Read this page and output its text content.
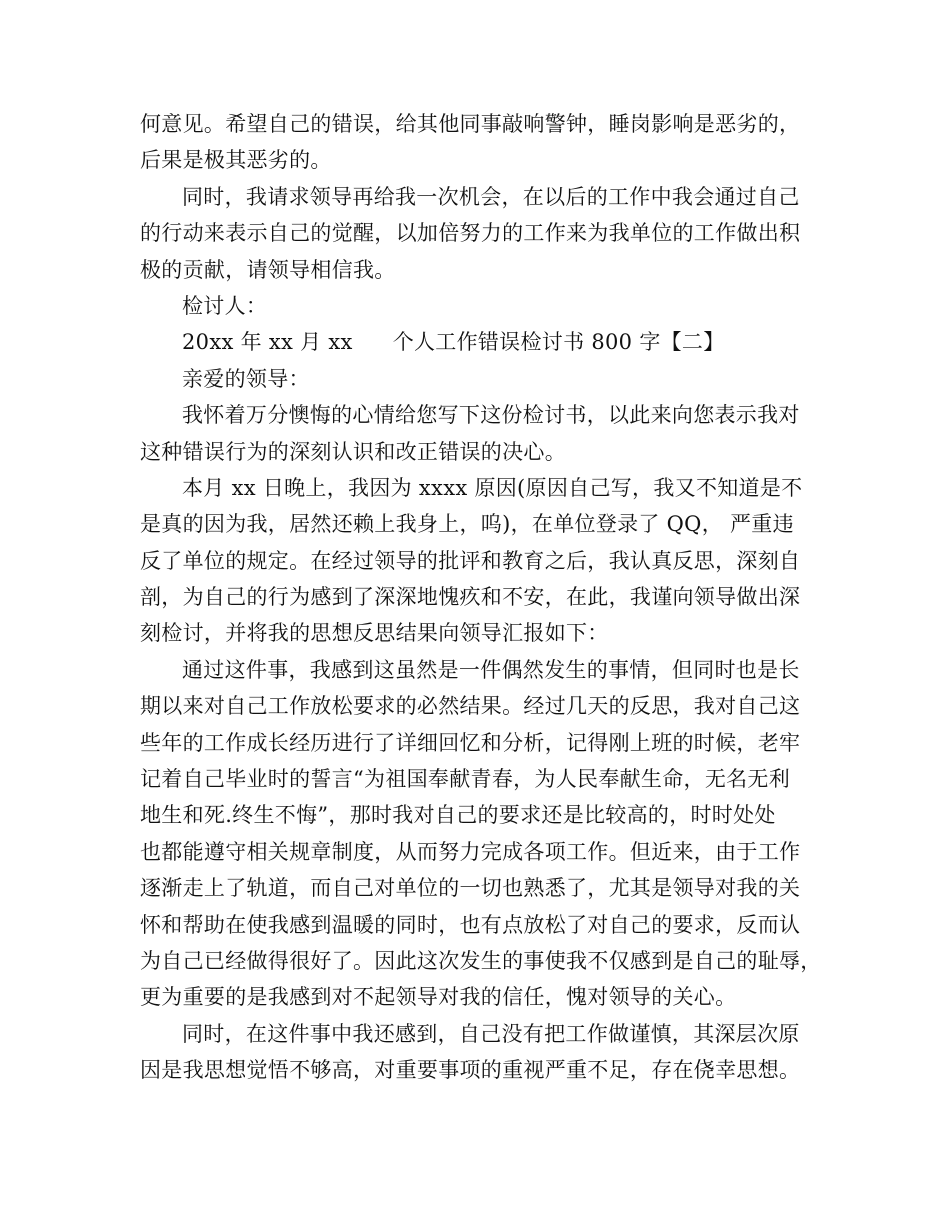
何意见。希望自己的错误，给其他同事敲响警钟，睡岗影响是恶劣的，
后果是极其恶劣的。
同时，我请求领导再给我一次机会，在以后的工作中我会通过自己
的行动来表示自己的觉醒，以加倍努力的工作来为我单位的工作做出积
极的贡献，请领导相信我。
检讨人：
20xx 年 xx 月 xx 个人工作错误检讨书 800 字【二】
亲爱的领导：
我怀着万分懊悔的心情给您写下这份检讨书，以此来向您表示我对
这种错误行为的深刻认识和改正错误的决心。
本月 xx 日晚上，我因为 xxxx 原因(原因自己写，我又不知道是不
是真的因为我，居然还赖上我身上，呜)，在单位登录了 QQ， 严重违
反了单位的规定。在经过领导的批评和教育之后，我认真反思，深刻自
剖，为自己的行为感到了深深地愧疚和不安，在此，我谨向领导做出深
刻检讨，并将我的思想反思结果向领导汇报如下：
通过这件事，我感到这虽然是一件偶然发生的事情，但同时也是长
期以来对自己工作放松要求的必然结果。经过几天的反思，我对自己这
些年的工作成长经历进行了详细回忆和分析，记得刚上班的时候，老牢
记着自己毕业时的誓言“为祖国奉献青春，为人民奉献生命，无名无利
地生和死.终生不悔”，那时我对自己的要求还是比较高的，时时处处
也都能遵守相关规章制度，从而努力完成各项工作。但近来，由于工作
逐渐走上了轨道，而自己对单位的一切也熟悉了，尤其是领导对我的关
怀和帮助在使我感到温暖的同时，也有点放松了对自己的要求，反而认
为自己已经做得很好了。因此这次发生的事使我不仅感到是自己的耻辱，
更为重要的是我感到对不起领导对我的信任，愧对领导的关心。
同时，在这件事中我还感到，自己没有把工作做谨慎，其深层次原
因是我思想觉悟不够高，对重要事项的重视严重不足，存在侥幸思想。
